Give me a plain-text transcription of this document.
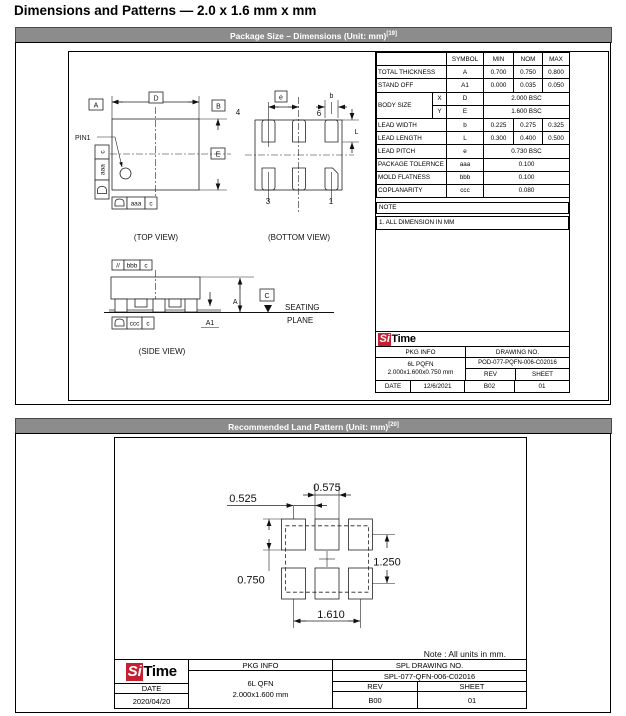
Dimensions and Patterns — 2.0 x 1.6 mm x mm
Package Size – Dimensions (Unit: mm)[19]
A
D
B
E
PIN1
c
aaa
aaa c
(TOP VIEW)
e	b
L
4	6
3	1
(BOTTOM VIEW)
// bbb c
A
A1
C
SEATING
PLANE
ccc c
(SIDE VIEW)
		SYMBOL	MIN	NOM	MAX
TOTAL THICKNESS		A	0.700	0.750	0.800
STAND OFF		A1	0.000	0.035	0.050
BODY SIZE	X	D	2.000 BSC		
	Y	E	1.600 BSC		
LEAD WIDTH		b	0.225	0.275	0.325
LEAD LENGTH		L	0.300	0.400	0.500
LEAD PITCH		e	0.730 BSC		
PACKAGE TOLERNCE		aaa	0.100		
MOLD FLATNESS		bbb	0.100		
COPLANARITY		ccc	0.080		
NOTE
1. ALL DIMENSION IN MM
Si Time
PKG INFO	DRAWING NO.
6L PQFN
2.000x1.600x0.750 mm
POD-077-PQFN-006-C02016
REV	SHEET
DATE	12/6/2021	B02	01
Recommended Land Pattern (Unit: mm)[20]
0.575
0.525
1.250
0.750
1.610
Note : All units in mm.
Si Time
DATE
2020/04/20
PKG INFO
6L QFN
2.000x1.600 mm
SPL DRAWING NO.
SPL-077-QFN-006-C02016
REV	SHEET
B00	01
